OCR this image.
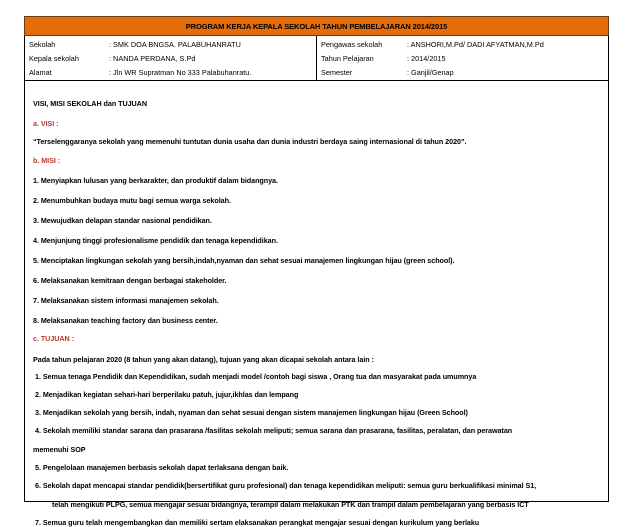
PROGRAM KERJA KEPALA SEKOLAH TAHUN PEMBELAJARAN 2014/2015
Sekolah	: SMK DOA BNGSA. PALABUHANRATU
Kepala sekolah	: NANDA PERDANA, S.Pd
Alamat	: Jln WR Supratman No 333 Palabuhanratu.
Pengawas sekolah	: ANSHORI,M.Pd/ DADI AFYATMAN,M.Pd
Tahun Pelajaran	: 2014/2015
Semester	: Ganjil/Genap
VISI, MISI SEKOLAH dan TUJUAN
a. VISI :
“Terselenggaranya sekolah yang memenuhi tuntutan dunia usaha dan dunia industri berdaya saing internasional di tahun 2020”.
b. MISI :
1. Menyiapkan lulusan yang berkarakter, dan produktif dalam bidangnya.
2. Menumbuhkan budaya mutu bagi semua warga sekolah.
3. Mewujudkan delapan standar nasional pendidikan.
4. Menjunjung tinggi profesionalisme pendidik dan tenaga kependidikan.
5. Menciptakan lingkungan sekolah yang bersih,indah,nyaman dan sehat sesuai manajemen lingkungan hijau (green school).
6. Melaksanakan kemitraan dengan berbagai stakeholder.
7. Melaksanakan sistem informasi manajemen sekolah.
8. Melaksanakan teaching factory dan business center.
c. TUJUAN :
Pada tahun pelajaran 2020 (8 tahun yang akan datang), tujuan yang akan dicapai sekolah antara lain :
1. Semua tenaga Pendidik dan Kependidikan, sudah menjadi model /contoh bagi siswa , Orang tua dan masyarakat pada umumnya
2. Menjadikan kegiatan sehari-hari berperilaku patuh, jujur,ikhlas dan lempang
3. Menjadikan sekolah yang bersih, indah, nyaman dan sehat sesuai dengan sistem manajemen lingkungan hijau (Green School)
4. Sekolah memiliki standar sarana dan prasarana /fasilitas sekolah meliputi; semua sarana dan prasarana, fasilitas, peralatan, dan perawatan
memenuhi SOP
5. Pengelolaan manajemen berbasis sekolah dapat terlaksana dengan baik.
6. Sekolah dapat mencapai standar pendidik(bersertifikat guru profesional) dan tenaga kependidikan meliputi: semua guru berkualifikasi minimal S1,
telah mengikuti PLPG, semua mengajar sesuai bidangnya, terampil dalam melakukan PTK dan trampil dalam pembelajaran yang berbasis ICT
7. Semua guru telah mengembangkan dan memiliki sertam elaksanakan perangkat mengajar sesuai dengan kurikulum yang berlaku
